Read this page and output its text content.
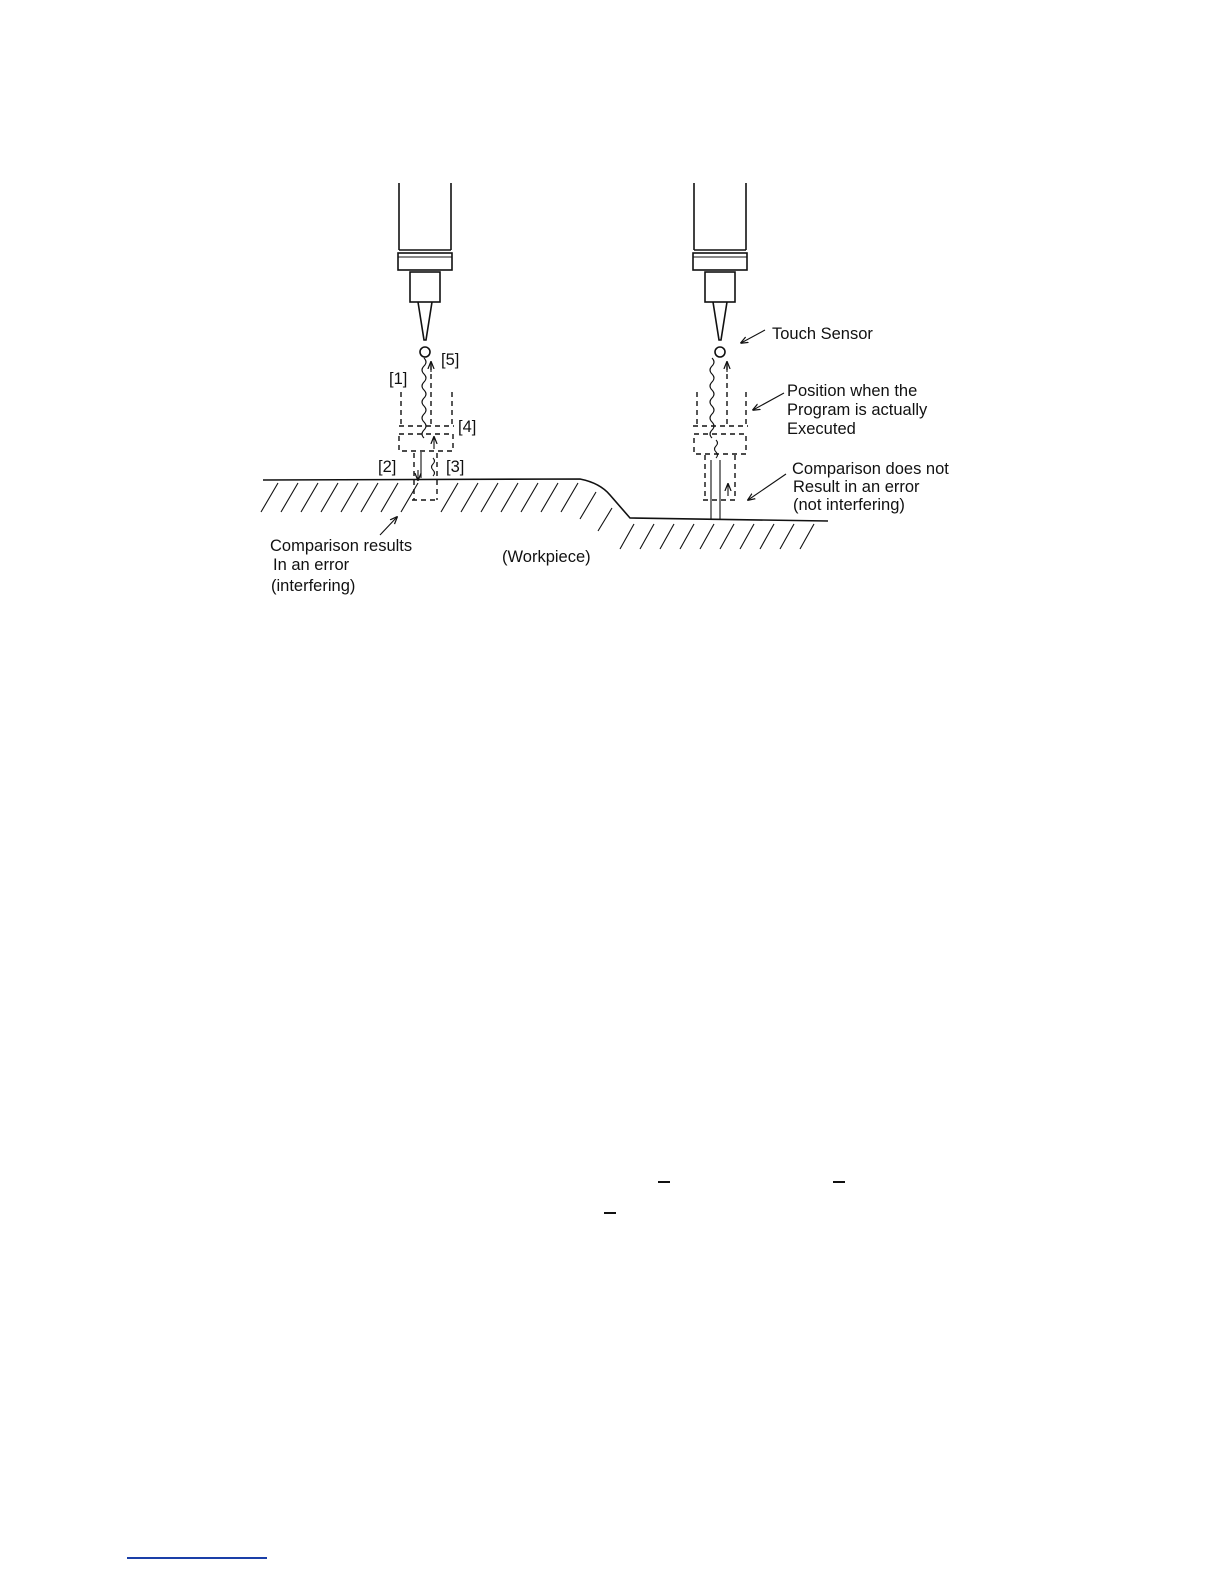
[1]
[5]
[4]
[2]	[3]
Touch Sensor
Position when the
Program is actually
Executed
Comparison does not
Result in an error
(not interfering)
Comparison results
In an error
(interfering)
(Workpiece)
